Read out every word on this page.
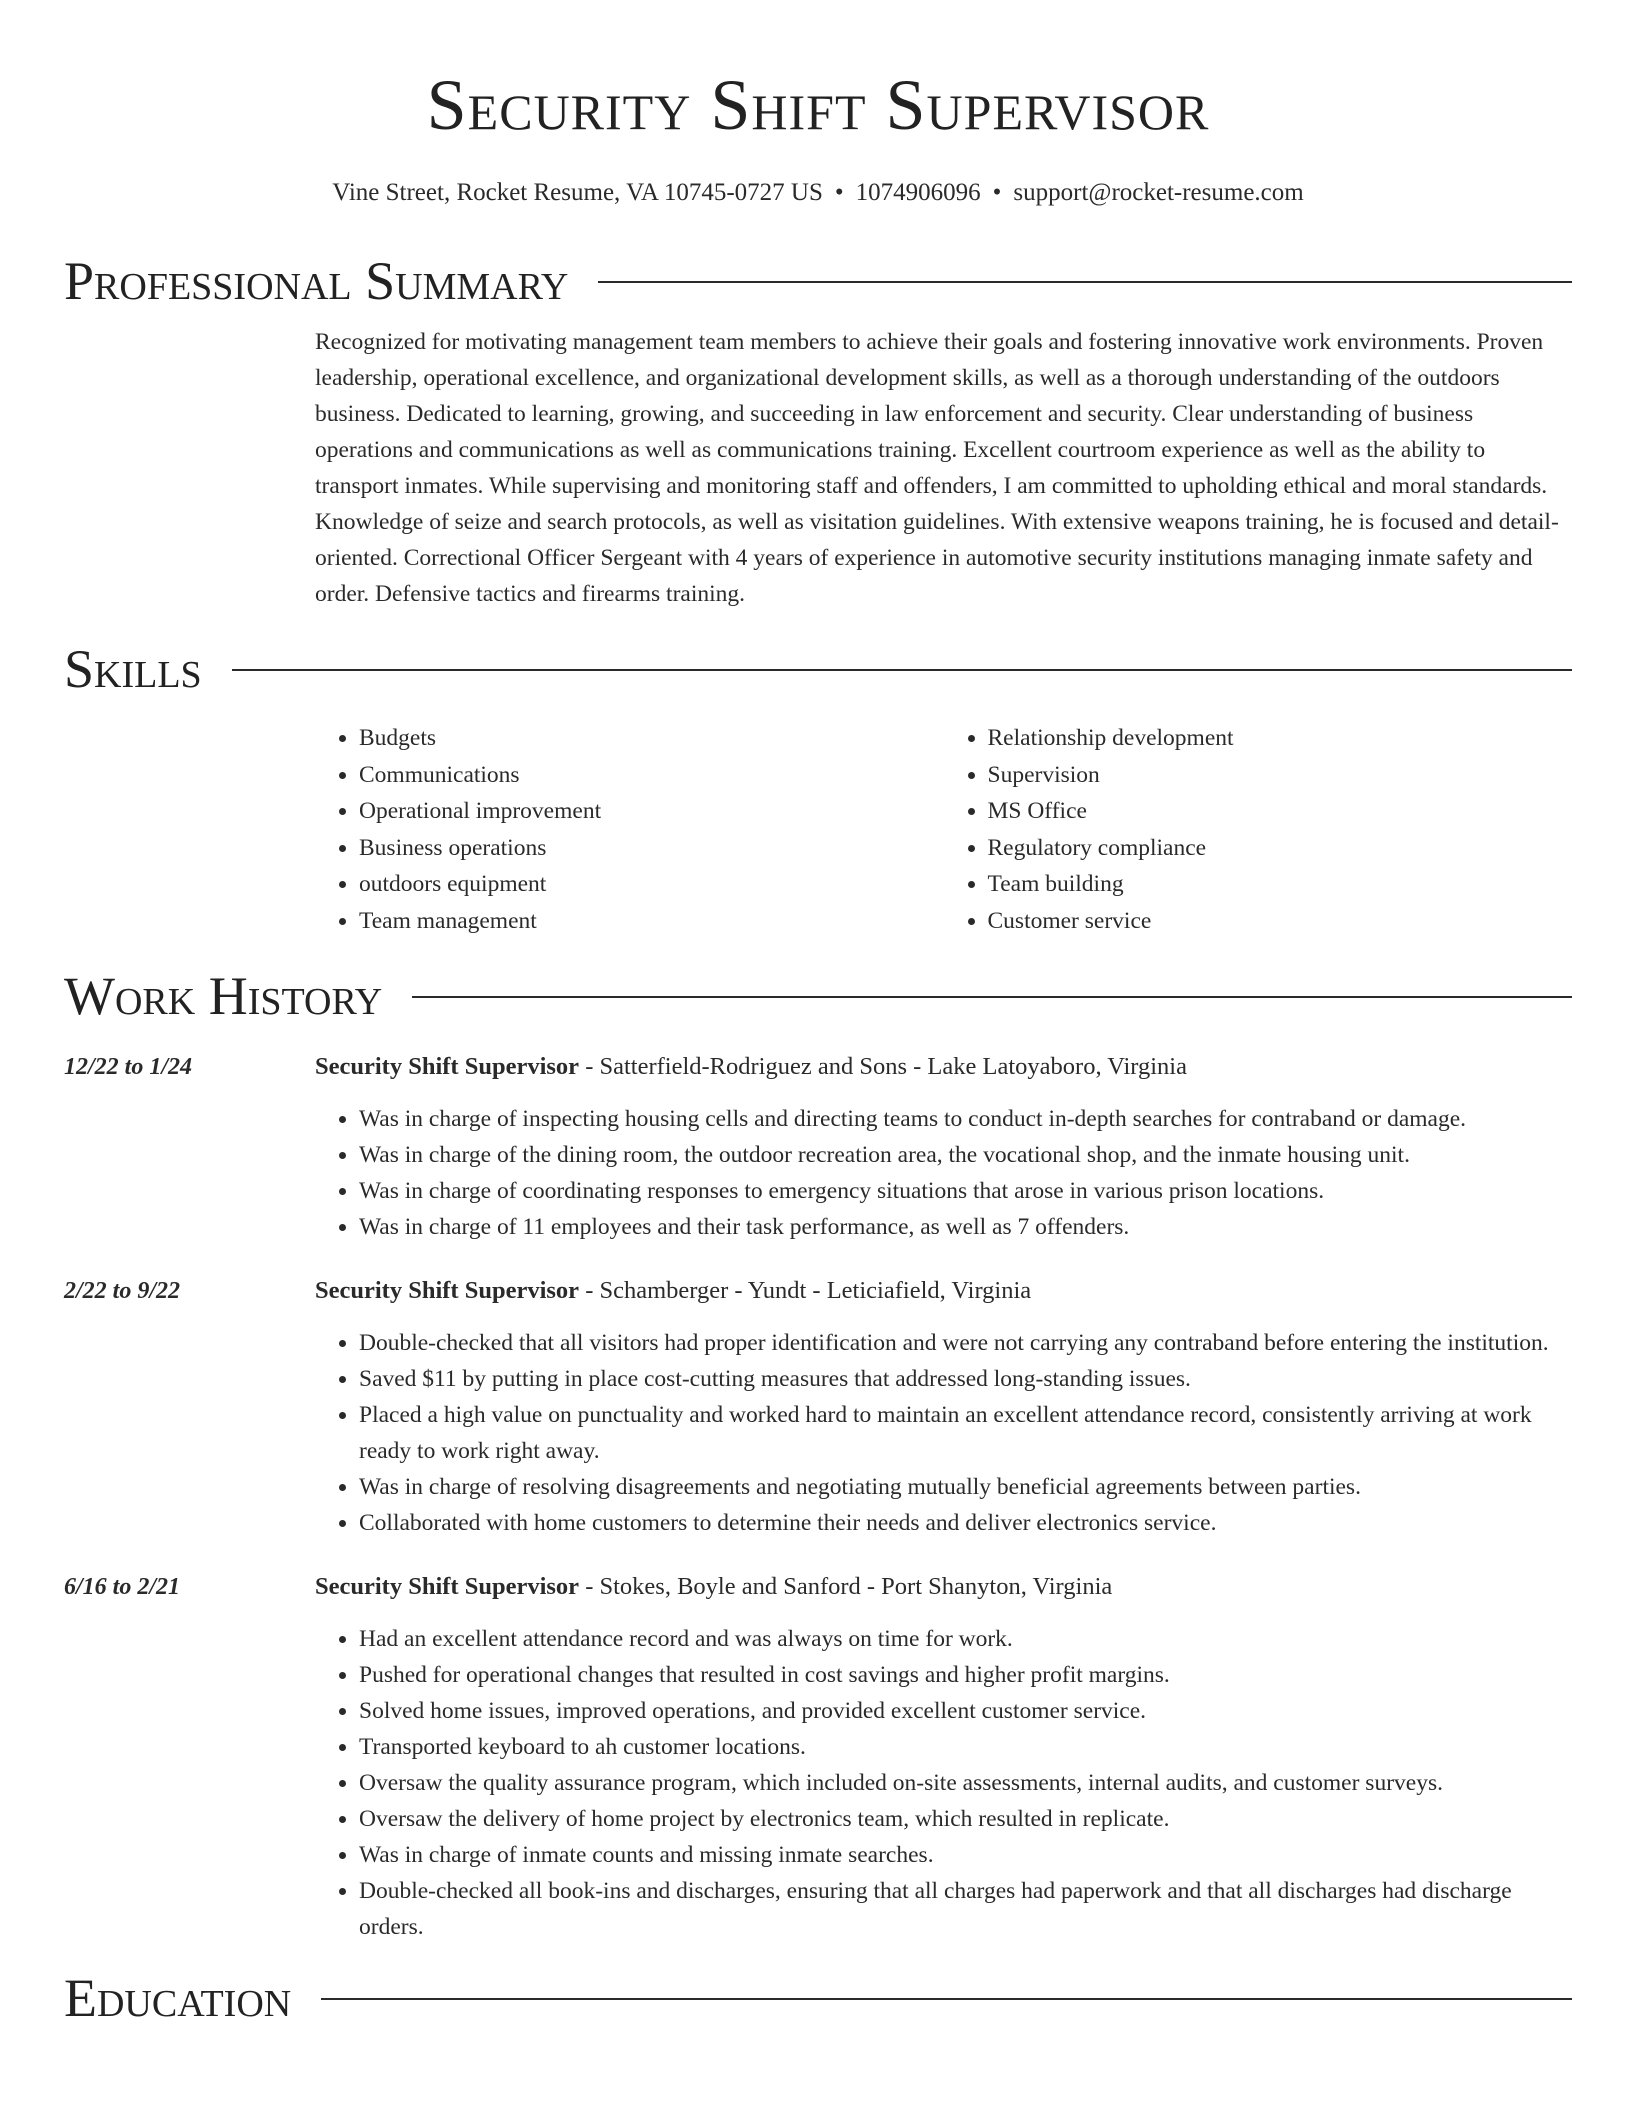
Security Shift Supervisor
Vine Street, Rocket Resume, VA 10745-0727 US • 1074906096 • support@rocket-resume.com
Professional Summary
Recognized for motivating management team members to achieve their goals and fostering innovative work environments. Proven leadership, operational excellence, and organizational development skills, as well as a thorough understanding of the outdoors business. Dedicated to learning, growing, and succeeding in law enforcement and security. Clear understanding of business operations and communications as well as communications training. Excellent courtroom experience as well as the ability to transport inmates. While supervising and monitoring staff and offenders, I am committed to upholding ethical and moral standards. Knowledge of seize and search protocols, as well as visitation guidelines. With extensive weapons training, he is focused and detail-oriented. Correctional Officer Sergeant with 4 years of experience in automotive security institutions managing inmate safety and order. Defensive tactics and firearms training.
Skills
• Budgets
• Communications
• Operational improvement
• Business operations
• outdoors equipment
• Team management
• Relationship development
• Supervision
• MS Office
• Regulatory compliance
• Team building
• Customer service
Work History
12/22 to 1/24	Security Shift Supervisor - Satterfield-Rodriguez and Sons - Lake Latoyaboro, Virginia
• Was in charge of inspecting housing cells and directing teams to conduct in-depth searches for contraband or damage.
• Was in charge of the dining room, the outdoor recreation area, the vocational shop, and the inmate housing unit.
• Was in charge of coordinating responses to emergency situations that arose in various prison locations.
• Was in charge of 11 employees and their task performance, as well as 7 offenders.
2/22 to 9/22	Security Shift Supervisor - Schamberger - Yundt - Leticiafield, Virginia
• Double-checked that all visitors had proper identification and were not carrying any contraband before entering the institution.
• Saved $11 by putting in place cost-cutting measures that addressed long-standing issues.
• Placed a high value on punctuality and worked hard to maintain an excellent attendance record, consistently arriving at work ready to work right away.
• Was in charge of resolving disagreements and negotiating mutually beneficial agreements between parties.
• Collaborated with home customers to determine their needs and deliver electronics service.
6/16 to 2/21	Security Shift Supervisor - Stokes, Boyle and Sanford - Port Shanyton, Virginia
• Had an excellent attendance record and was always on time for work.
• Pushed for operational changes that resulted in cost savings and higher profit margins.
• Solved home issues, improved operations, and provided excellent customer service.
• Transported keyboard to ah customer locations.
• Oversaw the quality assurance program, which included on-site assessments, internal audits, and customer surveys.
• Oversaw the delivery of home project by electronics team, which resulted in replicate.
• Was in charge of inmate counts and missing inmate searches.
• Double-checked all book-ins and discharges, ensuring that all charges had paperwork and that all discharges had discharge orders.
Education
